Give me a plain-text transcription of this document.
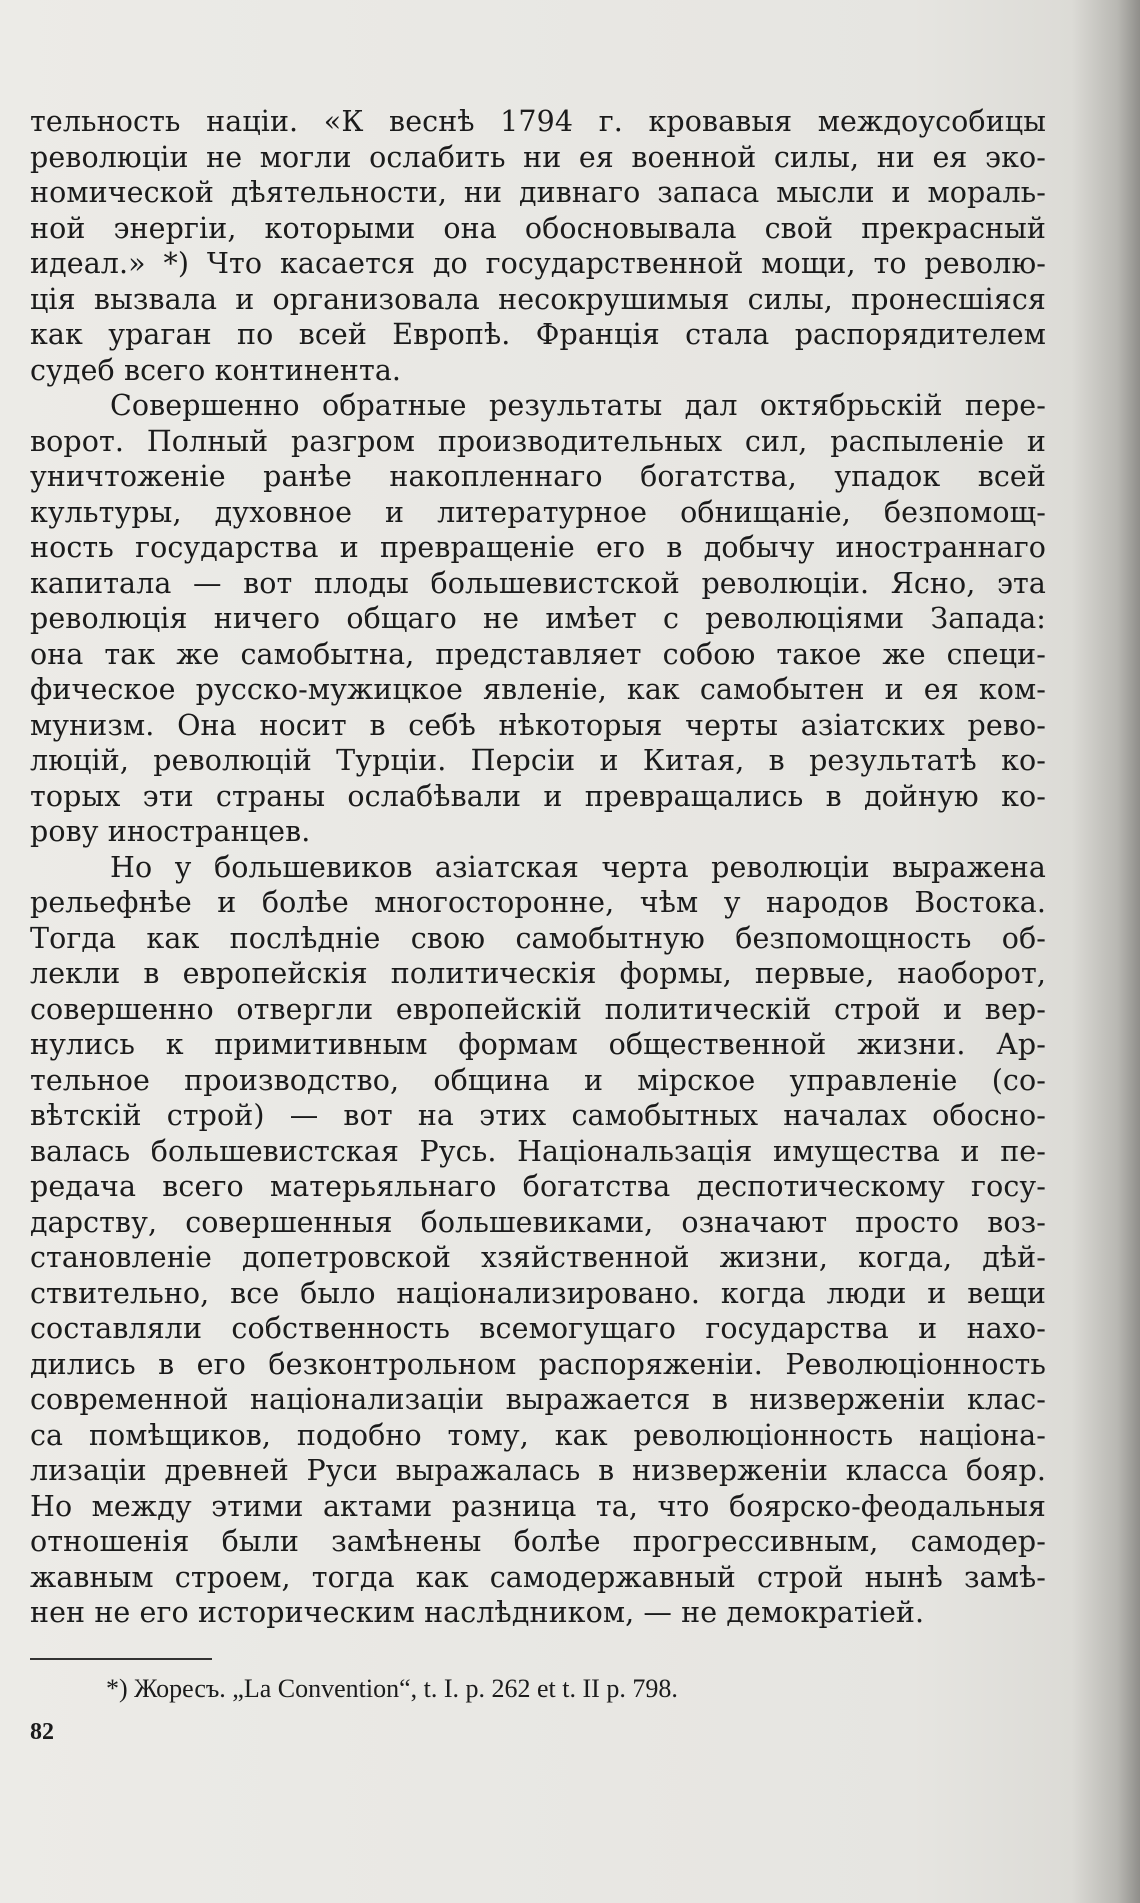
тельность націи. «К веснѣ 1794 г. кровавыя междоусобицы
революціи не могли ослабить ни ея военной силы, ни ея эко-
номической дѣятельности, ни дивнаго запаса мысли и мораль-
ной энергіи, которыми она обосновывала свой прекрасный
идеал.» *) Что касается до государственной мощи, то револю-
ція вызвала и организовала несокрушимыя силы, пронесшіяся
как ураган по всей Европѣ. Франція стала распорядителем
судеб всего континента.
Совершенно обратные результаты дал октябрьскій пере-
ворот. Полный разгром производительных сил, распыленіе и
уничтоженіе ранѣе накопленнаго богатства, упадок всей
культуры, духовное и литературное обнищаніе, безпомощ-
ность государства и превращеніе его в добычу иностраннаго
капитала — вот плоды большевистской революціи. Ясно, эта
революція ничего общаго не имѣет с революціями Запада:
она так же самобытна, представляет собою такое же специ-
фическое русско-мужицкое явленіе, как самобытен и ея ком-
мунизм. Она носит в себѣ нѣкоторыя черты азіатских рево-
люцій, революцій Турціи. Персіи и Китая, в результатѣ ко-
торых эти страны ослабѣвали и превращались в дойную ко-
рову иностранцев.
Но у большевиков азіатская черта революціи выражена
рельефнѣе и болѣе многосторонне, чѣм у народов Востока.
Тогда как послѣдніе свою самобытную безпомощность об-
лекли в европейскія политическія формы, первые, наоборот,
совершенно отвергли европейскій политическій строй и вер-
нулись к примитивным формам общественной жизни. Ар-
тельное производство, община и мірское управленіе (со-
вѣтскій строй) — вот на этих самобытных началах обосно-
валась большевистская Русь. Національзація имущества и пе-
редача всего матерьяльнаго богатства деспотическому госу-
дарству, совершенныя большевиками, означают просто воз-
становленіе допетровской хзяйственной жизни, когда, дѣй-
ствительно, все было націонализировано. когда люди и вещи
составляли собственность всемогущаго государства и нахо-
дились в его безконтрольном распоряженіи. Революціонность
современной націонализаціи выражается в низверженіи клас-
са помѣщиков, подобно тому, как революціонность націона-
лизаціи древней Руси выражалась в низверженіи класса бояр.
Но между этими актами разница та, что боярско-феодальныя
отношенія были замѣнены болѣе прогрессивным, самодер-
жавным строем, тогда как самодержавный строй нынѣ замѣ-
нен не его историческим наслѣдником, — не демократіей.
*) Жоресъ. „La Convention“, t. I. p. 262 et t. II p. 798.
82
